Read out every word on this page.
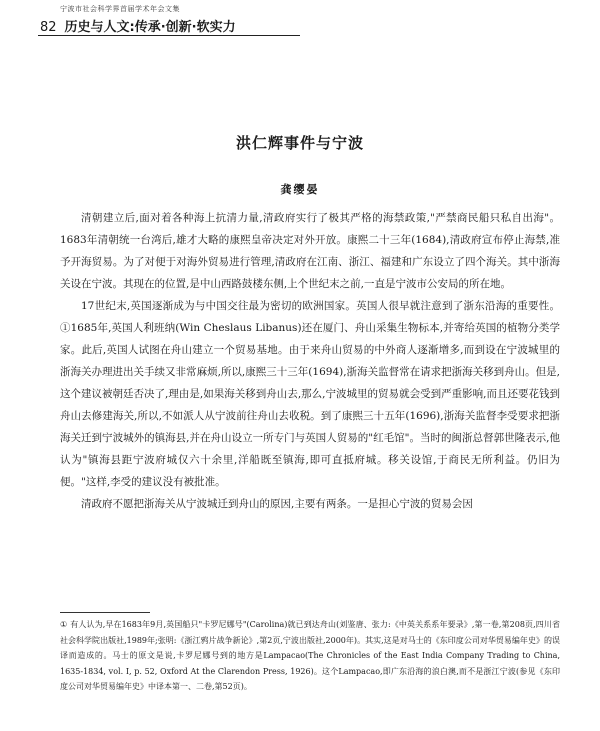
宁波市社会科学界首届学术年会文集
82 历史与人文:传承·创新·软实力
洪仁辉事件与宁波
龚缨晏

清朝建立后,面对着各种海上抗清力量,清政府实行了极其严格的海禁政策,"严禁商民船只私自出海"。1683年清朝统一台湾后,雄才大略的康熙皇帝决定对外开放。康熙二十三年(1684),清政府宣布停止海禁,准予开海贸易。为了对便于对海外贸易进行管理,清政府在江南、浙江、福建和广东设立了四个海关。其中浙海关设在宁波。其现在的位置,是中山西路鼓楼东侧,上个世纪末之前,一直是宁波市公安局的所在地。

17世纪末,英国逐渐成为与中国交往最为密切的欧洲国家。英国人很早就注意到了浙东沿海的重要性。①1685年,英国人利班纳(Win Cheslaus Libanus)还在厦门、舟山采集生物标本,并寄给英国的植物分类学家。此后,英国人试图在舟山建立一个贸易基地。由于来舟山贸易的中外商人逐渐增多,而到设在宁波城里的浙海关办理进出关手续又非常麻烦,所以,康熙三十三年(1694),浙海关监督常在请求把浙海关移到舟山。但是,这个建议被朝廷否决了,理由是,如果海关移到舟山去,那么,宁波城里的贸易就会受到严重影响,而且还要花钱到舟山去修建海关,所以,不如派人从宁波前往舟山去收税。到了康熙三十五年(1696),浙海关监督李受要求把浙海关迁到宁波城外的镇海县,并在舟山设立一所专门与英国人贸易的"红毛馆"。当时的闽浙总督郭世隆表示,他认为"镇海县距宁波府城仅六十余里,洋船既至镇海,即可直抵府城。移关设馆,于商民无所利益。仍旧为便。"这样,李受的建议没有被批准。

清政府不愿把浙海关从宁波城迁到舟山的原因,主要有两条。一是担心宁波的贸易会因

① 有人认为,早在1683年9月,英国船只"卡罗尼娜号"(Carolina)就已到达舟山(刘鉴唐、张力:《中英关系系年要录》,第一卷,第208页,四川省社会科学院出版社,1989年;张明:《浙江鸦片战争新论》,第2页,宁波出版社,2000年)。其实,这是对马士的《东印度公司对华贸易编年史》的误译而造成的。马士的原文是说,卡罗尼娜号到的地方是Lampacao(The Chronicles of the East India Company Trading to China, 1635-1834, vol. I, p. 52, Oxford At the Clarendon Press, 1926)。这个Lampacao,即广东沿海的浪白澳,而不是浙江宁波(参见《东印度公司对华贸易编年史》中译本第一、二卷,第52页)。
